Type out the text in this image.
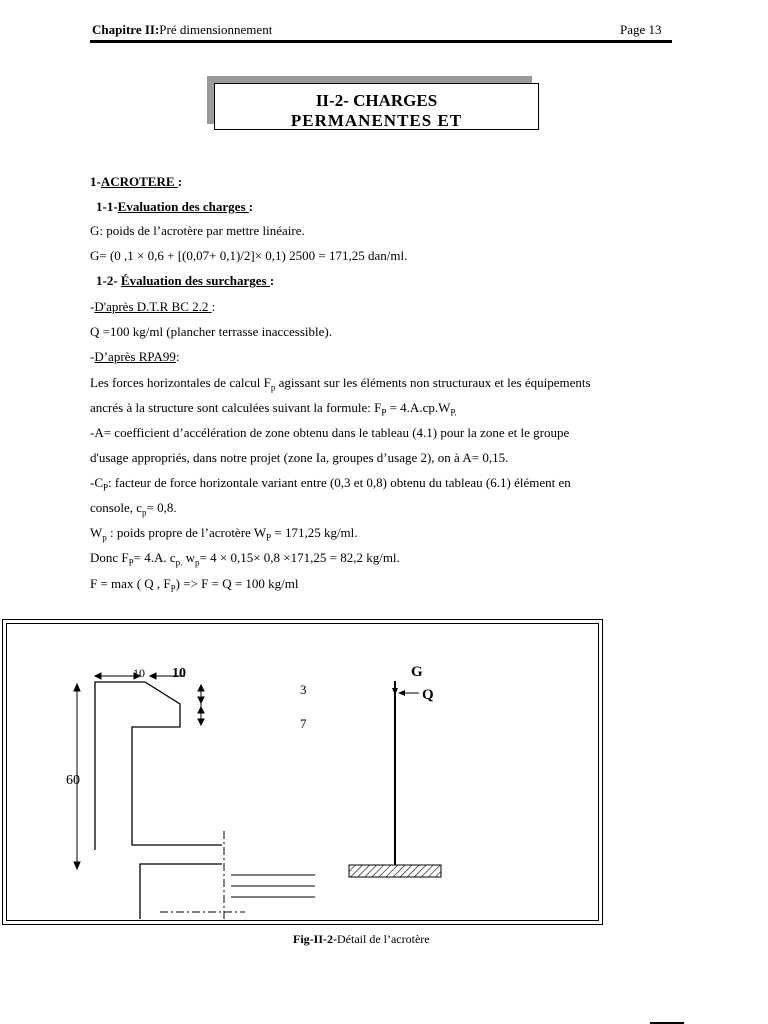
Chapitre II:Pré dimensionnement	Page 13
II-2- CHARGES
PERMANENTES ET
1-ACROTERE :
1-1-Evaluation des charges :
G: poids de l’acrotère par mettre linéaire.
G= (0 ,1 × 0,6 + [(0,07+ 0,1)/2]× 0,1) 2500 = 171,25 dan/ml.
1-2- Évaluation des surcharges :
-D'après D.T.R BC 2.2 :
Q =100 kg/ml (plancher terrasse inaccessible).
-D’après RPA99:
Les forces horizontales de calcul $F_p$ agissant sur les éléments non structuraux et les équipements
ancrés à la structure sont calculées suivant la formule: $F_P = 4.A.cp.W_{P.}$
-A= coefficient d’accélération de zone obtenu dans le tableau (4.1) pour la zone et le groupe
d'usage appropriés, dans notre projet (zone Ia, groupes d’usage 2), on à A= 0,15.
$-C_P$: facteur de force horizontale variant entre (0,3 et 0,8) obtenu du tableau (6.1) élément en
console, $c_p= 0,8$.
$W_p$ : poids propre de l’acrotère $W_P = 171,25$ kg/ml.
Donc $F_P= 4.A$. $c_{p.}$ $w_p= 4 \times 0,15\times 0,8 \times 171,25 = 82,2$ kg/ml.
F = max ( Q , $F_P) => F = Q = 100$ kg/ml
10 10
3
7
60
G
Q
Fig-II-2-Détail de l’acrotère
